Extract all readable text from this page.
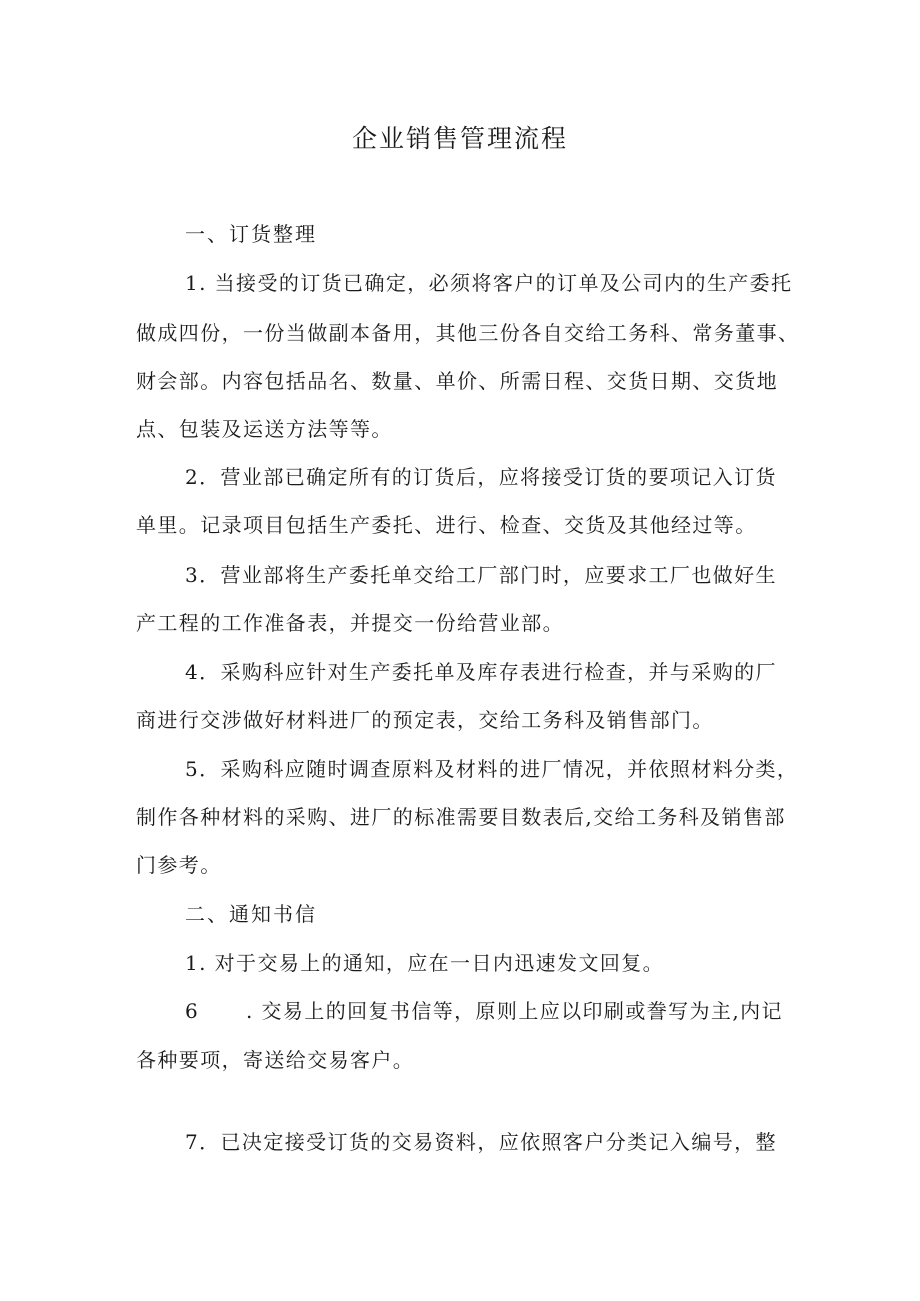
企业销售管理流程
一、订货整理
1. 当接受的订货已确定，必须将客户的订单及公司内的生产委托
做成四份，一份当做副本备用，其他三份各自交给工务科、常务董事、
财会部。内容包括品名、数量、单价、所需日程、交货日期、交货地
点、包装及运送方法等等。
2．营业部已确定所有的订货后，应将接受订货的要项记入订货
单里。记录项目包括生产委托、进行、检查、交货及其他经过等。
3．营业部将生产委托单交给工厂部门时，应要求工厂也做好生
产工程的工作准备表，并提交一份给营业部。
4．采购科应针对生产委托单及库存表进行检查，并与采购的厂
商进行交涉做好材料进厂的预定表，交给工务科及销售部门。
5．采购科应随时调查原料及材料的进厂情况，并依照材料分类，
制作各种材料的采购、进厂的标准需要目数表后,交给工务科及销售部
门参考。
二、通知书信
1. 对于交易上的通知，应在一日内迅速发文回复。
6 . 交易上的回复书信等，原则上应以印刷或誊写为主,内记
各种要项，寄送给交易客户。
7．已决定接受订货的交易资料，应依照客户分类记入编号，整
